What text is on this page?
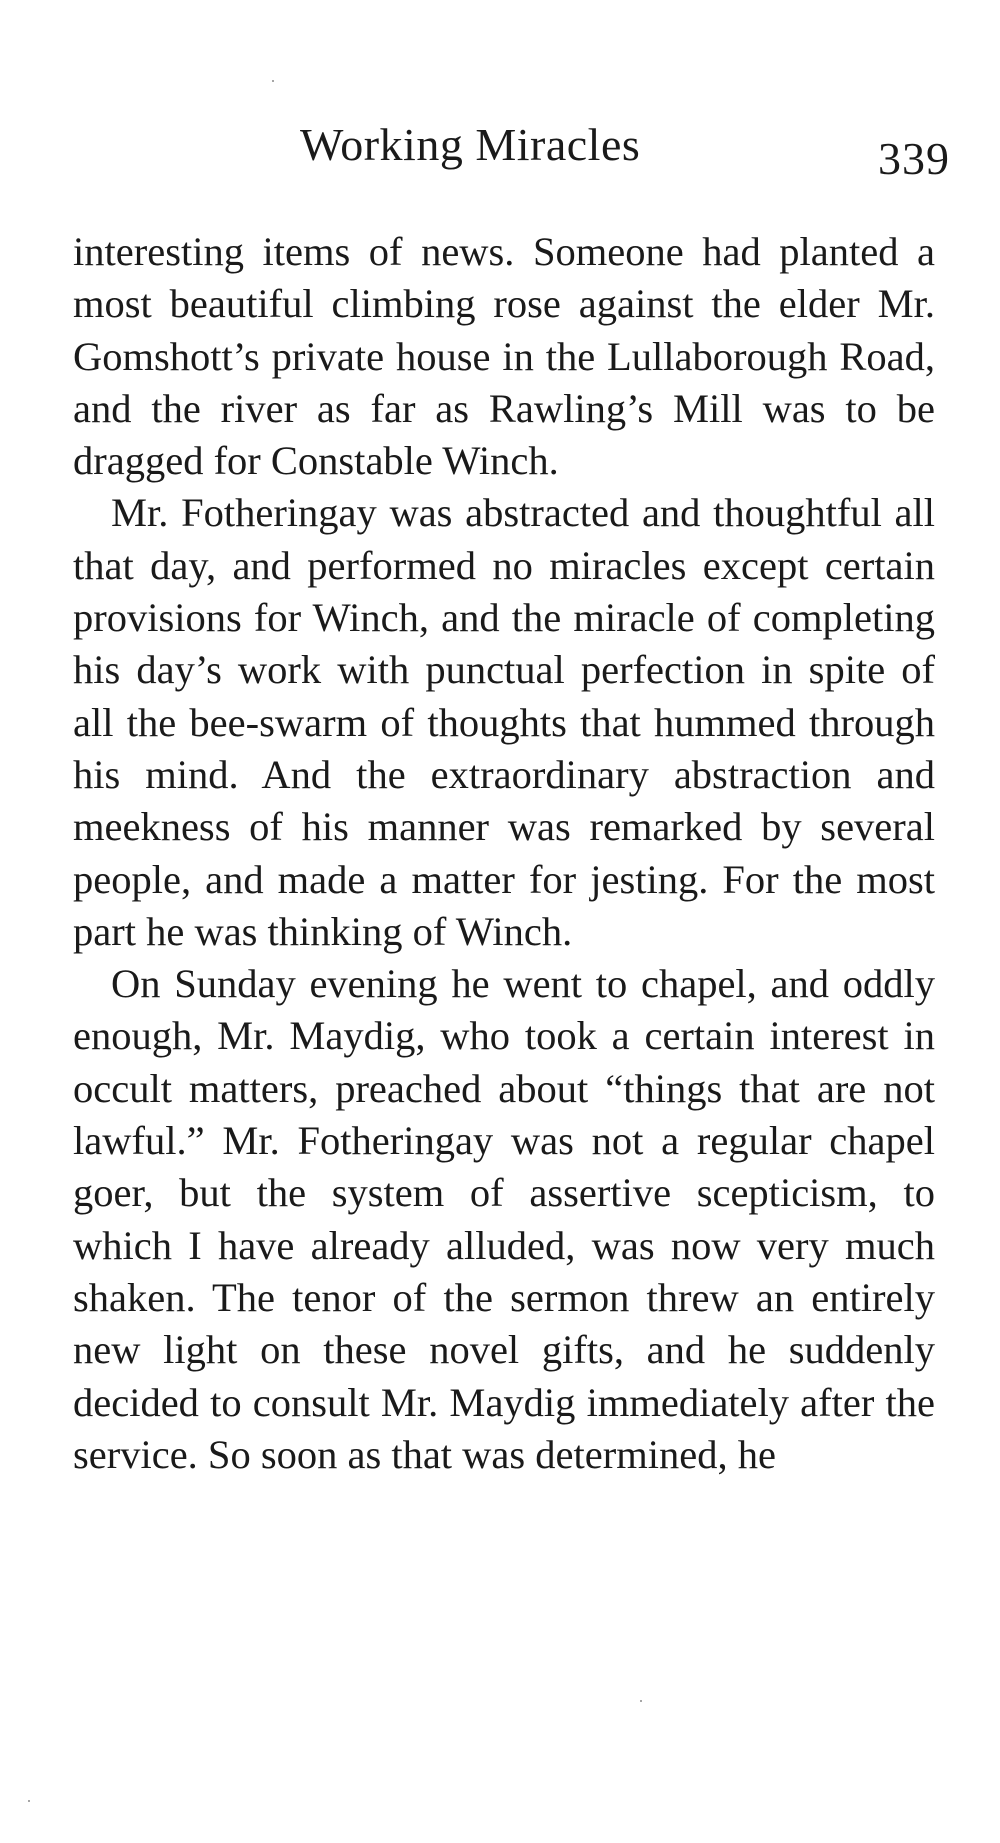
Working Miracles	339

interesting items of news. Someone had planted a most beautiful climbing rose against the elder Mr. Gomshott’s private house in the Lullaborough Road, and the river as far as Rawling’s Mill was to be dragged for Constable Winch.

Mr. Fotheringay was abstracted and thoughtful all that day, and performed no miracles except certain provisions for Winch, and the miracle of completing his day’s work with punctual perfection in spite of all the bee-swarm of thoughts that hummed through his mind. And the extraordinary abstraction and meekness of his manner was remarked by several people, and made a matter for jesting. For the most part he was thinking of Winch.

On Sunday evening he went to chapel, and oddly enough, Mr. Maydig, who took a certain interest in occult matters, preached about “things that are not lawful.” Mr. Fotheringay was not a regular chapel goer, but the system of assertive scepticism, to which I have already alluded, was now very much shaken. The tenor of the sermon threw an entirely new light on these novel gifts, and he suddenly decided to consult Mr. Maydig immediately after the service. So soon as that was determined, he
